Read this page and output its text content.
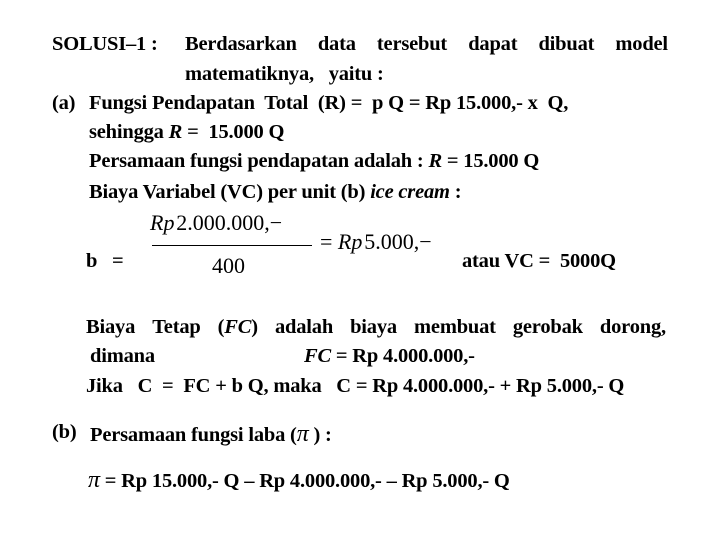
SOLUSI–1 : Berdasarkan data tersebut dapat dibuat model
matematiknya,   yaitu :
(a) Fungsi Pendapatan  Total  (R) =  p Q = Rp 15.000,- x  Q,
sehingga R =  15.000 Q
Persamaan fungsi pendapatan adalah : R = 15.000 Q
Biaya Variabel (VC) per unit (b) ice cream :
Rp 2.000.000,−
400
b   =
= Rp 5.000,−
atau VC =  5000Q
Biaya Tetap (FC) adalah biaya membuat gerobak dorong,
dimana	FC = Rp 4.000.000,-
Jika   C  =  FC + b Q, maka   C = Rp 4.000.000,- + Rp 5.000,- Q
(b) Persamaan fungsi laba (π ) :
π = Rp 15.000,- Q – Rp 4.000.000,- – Rp 5.000,- Q
